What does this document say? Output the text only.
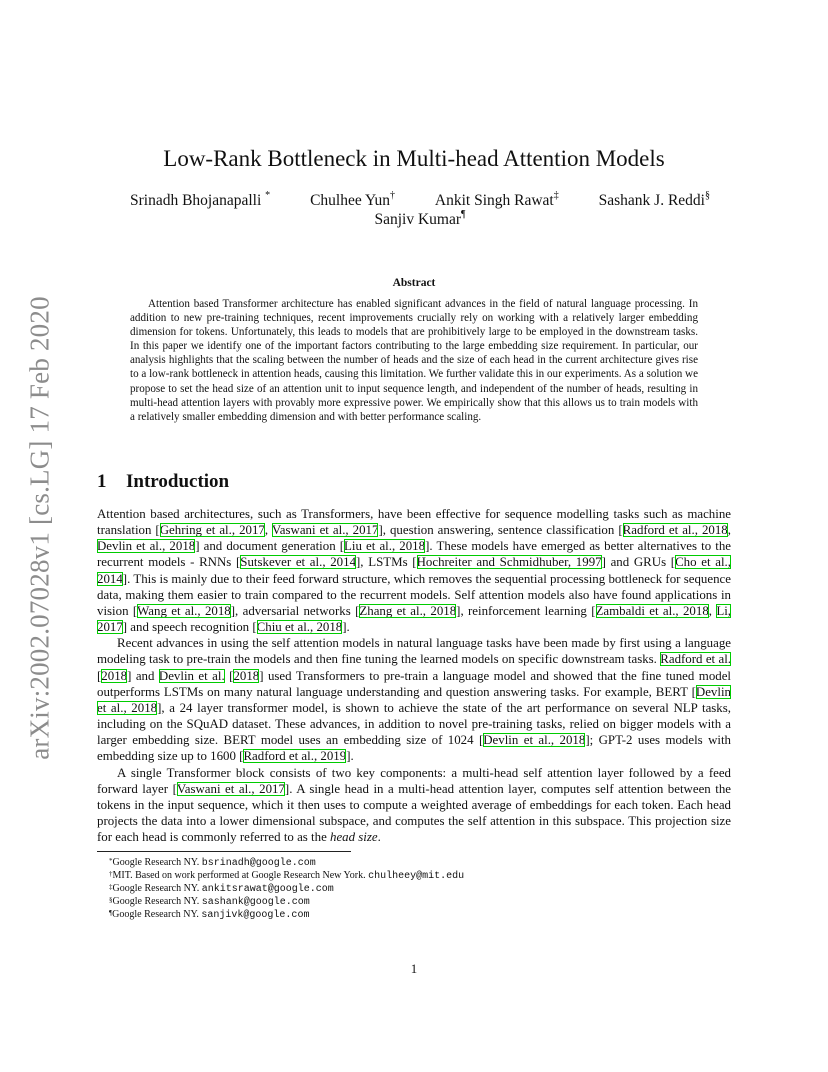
arXiv:2002.07028v1 [cs.LG] 17 Feb 2020
Low-Rank Bottleneck in Multi-head Attention Models
Srinadh Bhojanapalli *	Chulhee Yun†	Ankit Singh Rawat‡	Sashank J. Reddi§
Sanjiv Kumar¶
Abstract
Attention based Transformer architecture has enabled significant advances in the field of natural language processing. In addition to new pre-training techniques, recent improvements crucially rely on working with a relatively larger embedding dimension for tokens. Unfortunately, this leads to models that are prohibitively large to be employed in the downstream tasks. In this paper we identify one of the important factors contributing to the large embedding size requirement. In particular, our analysis highlights that the scaling between the number of heads and the size of each head in the current architecture gives rise to a low-rank bottleneck in attention heads, causing this limitation. We further validate this in our experiments. As a solution we propose to set the head size of an attention unit to input sequence length, and independent of the number of heads, resulting in multi-head attention layers with provably more expressive power. We empirically show that this allows us to train models with a relatively smaller embedding dimension and with better performance scaling.
1 Introduction

Attention based architectures, such as Transformers, have been effective for sequence modelling tasks such as machine translation [Gehring et al., 2017, Vaswani et al., 2017], question answering, sentence classification [Radford et al., 2018, Devlin et al., 2018] and document generation [Liu et al., 2018]. These models have emerged as better alternatives to the recurrent models - RNNs [Sutskever et al., 2014], LSTMs [Hochreiter and Schmidhuber, 1997] and GRUs [Cho et al., 2014]. This is mainly due to their feed forward structure, which removes the sequential processing bottleneck for sequence data, making them easier to train compared to the recurrent models. Self attention models also have found applications in vision [Wang et al., 2018], adversarial networks [Zhang et al., 2018], reinforcement learning [Zambaldi et al., 2018, Li, 2017] and speech recognition [Chiu et al., 2018].

Recent advances in using the self attention models in natural language tasks have been made by first using a language modeling task to pre-train the models and then fine tuning the learned models on specific downstream tasks. Radford et al. [2018] and Devlin et al. [2018] used Transformers to pre-train a language model and showed that the fine tuned model outperforms LSTMs on many natural language understanding and question answering tasks. For example, BERT [Devlin et al., 2018], a 24 layer transformer model, is shown to achieve the state of the art performance on several NLP tasks, including on the SQuAD dataset. These advances, in addition to novel pre-training tasks, relied on bigger models with a larger embedding size. BERT model uses an embedding size of 1024 [Devlin et al., 2018]; GPT-2 uses models with embedding size up to 1600 [Radford et al., 2019].

A single Transformer block consists of two key components: a multi-head self attention layer followed by a feed forward layer [Vaswani et al., 2017]. A single head in a multi-head attention layer, computes self attention between the tokens in the input sequence, which it then uses to compute a weighted average of embeddings for each token. Each head projects the data into a lower dimensional subspace, and computes the self attention in this subspace. This projection size for each head is commonly referred to as the head size.

*Google Research NY. bsrinadh@google.com
†MIT. Based on work performed at Google Research New York. chulheey@mit.edu
‡Google Research NY. ankitsrawat@google.com
§Google Research NY. sashank@google.com
¶Google Research NY. sanjivk@google.com
1
